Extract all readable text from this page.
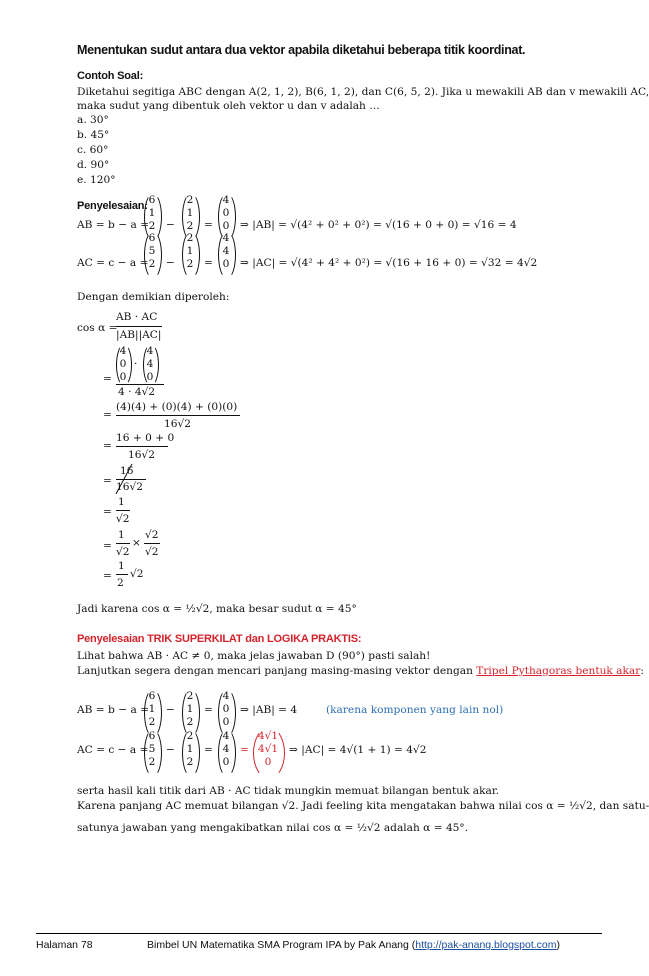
Menentukan sudut antara dua vektor apabila diketahui beberapa titik koordinat.
Contoh Soal:
Diketahui segitiga ABC dengan A(2, 1, 2), B(6, 1, 2), dan C(6, 5, 2). Jika u mewakili AB dan v mewakili AC,
maka sudut yang dibentuk oleh vektor u dan v adalah …
a. 30°
b. 45°
c. 60°
d. 90°
e. 120°
Penyelesaian:
AB = b − a =
6
1
2 −
2
1
2 =
4
0
0 ⇒ |AB| = √(4² + 0² + 0²) = √(16 + 0 + 0) = √16 = 4
AC = c − a =
6
5
2 −
2
1
2 =
4
4
0 ⇒ |AC| = √(4² + 4² + 0²) = √(16 + 16 + 0) = √32 = 4√2
Dengan demikian diperoleh:
cos α =
AB · AC
|AB||AC|
=
4
0
0
·
4
4
0
4 · 4√2
=
(4)(4) + (0)(4) + (0)(0)
16√2
=
16 + 0 + 0
16√2
=
16
16√2
=
1
√2
=
1
√2
×
√2
√2
=
1
2
√2
Jadi karena cos α = ½√2, maka besar sudut α = 45°
Penyelesaian TRIK SUPERKILAT dan LOGIKA PRAKTIS:
Lihat bahwa AB · AC ≠ 0, maka jelas jawaban D (90°) pasti salah!
Lanjutkan segera dengan mencari panjang masing-masing vektor dengan Tripel Pythagoras bentuk akar:
AB = b − a =
6
1
2
−
2
1
2
=
4
0
0
⇒ |AB| = 4	(karena komponen yang lain nol)
AC = c − a =
6
5
2
−
2
1
2
=
4
4
0
=
4√1
4√1
0
⇒ |AC| = 4√(1 + 1) = 4√2
serta hasil kali titik dari AB · AC tidak mungkin memuat bilangan bentuk akar.
Karena panjang AC memuat bilangan √2. Jadi feeling kita mengatakan bahwa nilai cos α = ½√2, dan satu-
satunya jawaban yang mengakibatkan nilai cos α = ½√2 adalah α = 45°.
Halaman 78	Bimbel UN Matematika SMA Program IPA by Pak Anang (http://pak-anang.blogspot.com)
